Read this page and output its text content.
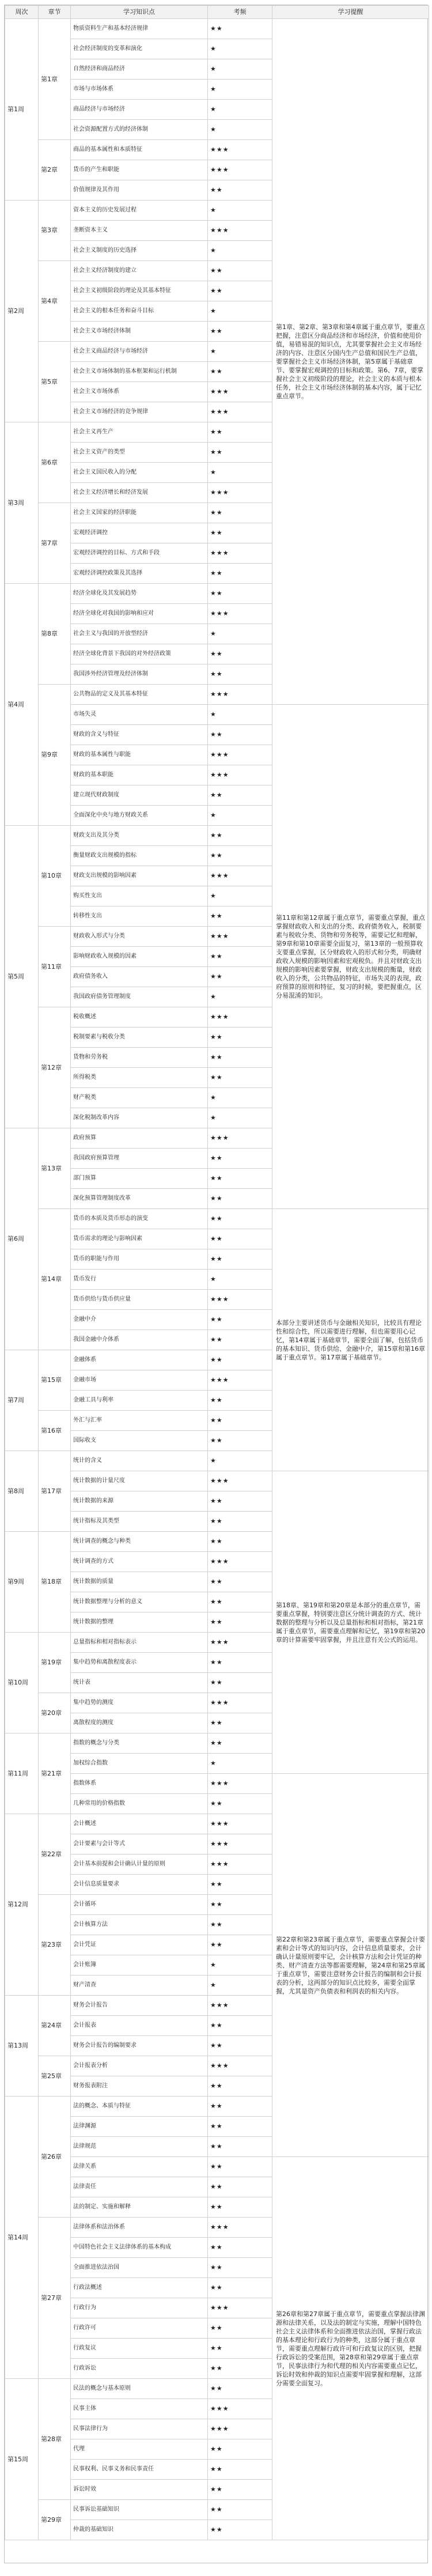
周次	章节	学习知识点	考频	学习提醒
第1周	第1章	物质资料生产和基本经济规律	★★	第1章、第2章、第3章和第4章属于重点章节，要重点把握，注意区分商品经济和市场经济，价值和使用价值，易错易混的知识点，尤其要掌握社会主义市场经济的内容、注意区分国内生产总值和国民生产总值，要掌握社会主义市场经济体制，第5章属于基础章节、要掌握宏观调控的目标和政策。第6、7章，要掌握社会主义初级阶段的理论，社会主义的本质与根本任务，社会主义市场经济体制的基本内容，属于记忆重点章节。
		社会经济制度的变革和演化	★	
		自然经济和商品经济	★	
		市场与市场体系	★	
		商品经济与市场经济	★	
		社会资源配置方式的经济体制	★	
	第2章	商品的基本属性和本质特征	★★★	
		货币的产生和职能	★★★	
		价值规律及其作用	★★	
第2周	第3章	资本主义的历史发展过程	★	
		垄断资本主义	★★★	
		社会主义制度的历史选择	★	
	第4章	社会主义经济制度的建立	★★	
		社会主义初级阶段的理论及其基本特征	★★	
		社会主义的根本任务和奋斗目标	★	
		社会主义市场经济体制	★★	
	第5章	社会主义商品经济与市场经济	★	
		社会主义市场体制的基本框架和运行机制	★★	
		社会主义市场体系	★★★	
		社会主义市场经济的竞争规律	★★★	
第3周	第6章	社会主义再生产	★★	
		社会主义资产的类型	★★	
		社会主义国民收入的分配	★	
		社会主义经济增长和经济发展	★★★	
	第7章	社会主义国家的经济职能	★★	
		宏观经济调控	★★	
		宏观经济调控的目标、方式和手段	★★★	
		宏观经济调控政策及其选择	★★	
第4周	第8章	经济全球化及其发展趋势	★★	
		经济全球化对我国的影响和应对	★★★	
		社会主义与我国的开放型经济	★	
		经济全球化背景下我国的对外经济政策	★★	
		我国涉外经济管理及经济体制	★★	
	第9章	公共物品的定义及其基本特征	★★★	
		市场失灵	★	第11章和第12章属于重点章节，需要重点掌握，重点掌握财政收入和支出的分类、政府债务收入，税制要素与税收分类、货物和劳务税等，需要记忆和理解，第9章和第10章需要全面复习，第13章的一般预算收支要重点掌握，区分财政收入的形式和分类，明确财政收入规模的影响因素和宏观税负。并且对财政支出规模的影响因素要掌握，财政支出规模的衡量，财政收入的分类，公共物品的特征，市场失灵的表现，政府预算的原则和特征，复习的时候，要把握重点，区分易混淆的知识。
		财政的含义与特征	★★	
		财政的基本属性与职能	★★★	
		财政的基本职能	★★★	
		建立现代财政制度	★★	
		全面深化中央与地方财政关系	★	
第5周	第10章	财政支出及其分类	★★	
		衡量财政支出规模的指标	★★	
		财政支出规模的影响因素	★★★	
		购买性支出	★	
		转移性支出	★★	
	第11章	财政收入形式与分类	★★★	
		影响财政收入规模的因素	★★	
		政府债务收入	★★	
		我国政府债务管理制度	★	
	第12章	税收概述	★★★	
		税制要素与税收分类	★★	
		货物和劳务税	★★	
		所得税类	★★	
		财产税类	★	
		深化税制改革内容	★	
第6周	第13章	政府预算	★★★	
		我国政府预算管理	★★	
		部门预算	★★	
		深化预算管理制度改革	★★	
	第14章	货币的本质及货币形态的演变	★★	本部分主要讲述货币与金融相关知识，比较具有理论性和综合性，所以需要进行理解，但也需要用心记忆，第14章属于基础章节，需要全面了解，包括货币的基本知识、货币供给、金融中介，第15章和第16章属于重点章节。第17章属于基础章节。
		货币需求的理论与影响因素	★★	
		货币的职能与作用	★★	
		货币发行	★	
		货币供给与货币供应量	★★★	
		金融中介	★★	
		我国金融中介体系	★★	
第7周	第15章	金融体系	★★	
		金融市场	★★★	
		金融工具与利率	★★	
	第16章	外汇与汇率	★★	
		国际收支	★★	
第8周	第17章	统计的含义	★	
		统计数据的计量尺度	★★★	第18章、第19章和第20章是本部分的重点章节，需要重点掌握，特别要注意区分统计调查的方式、统计数据的整理与分析以及总量指标和相对指标，第21章属于重点章节，需要重点理解和记忆，第19章和第20章的计算需要牢固掌握，并且注意有关公式的运用。
		统计数据的来源	★★	
		统计指标及其类型	★★	
第9周	第18章	统计调查的概念与种类	★★	
		统计调查的方式	★★★	
		统计数据的质量	★★	
		统计数据整理与分析的意义	★★	
		统计数据的整理	★★	
第10周	第19章	总量指标和相对指标表示	★★★	
		集中趋势和离散程度表示	★★	
		统计表	★★	
	第20章	集中趋势的测度	★★★	
		离散程度的测度	★★	
第11周	第21章	指数的概念与分类	★★	
		加权综合指数	★	
		指数体系	★★★	第22章和第23章属于重点章节，需要重点掌握会计要素和会计等式的知识内容，会计信息质量要求，会计确认计量原则要牢记，会计核算方法和会计凭证的种类、财产清查方法等都需要理解，第24章和第25章属于重点章节，需要注意财务会计报告的编制和会计报表的分析，这两部分的知识点比较多，需要全面掌握，尤其是资产负债表和利润表的相关内容。
		几种常用的价格指数	★★	
第12周	第22章	会计概述	★★★	
		会计要素与会计等式	★★★	
		会计基本前提和会计确认计量的原则	★★★	
		会计信息质量要求	★★	
	第23章	会计循环	★★	
		会计核算方法	★★	
		会计凭证	★★	
		会计账簿	★	
		财产清查	★	
第13周	第24章	财务会计报告	★★★	
		会计报表	★★	
		财务会计报告的编制要求	★★	
	第25章	会计报表分析	★★★	
		财务报表附注	★★	
第14周	第26章	法的概念、本质与特征	★★	
		法律渊源	★★	
		法律规范	★★	
		法律关系	★★	第26章和第27章属于重点章节，需要重点掌握法律渊源和法律关系，以及法的制定与实施，理解中国特色社会主义法律体系和全面推进依法治国，掌握行政法的基本理论和行政行为的种类，这部分属于重点章节，需要重点理解行政许可和行政复议的区别，把握行政诉讼的受案范围，第28章和第29章属于重点章节，民事法律行为和代理的相关内容需要重点记忆，诉讼时效和仲裁的知识点需要牢固掌握和理解，这部分需要全面复习。
		法律责任	★★	
		法的制定、实施和解释	★★	
	第27章	法律体系和法治体系	★★★	
		中国特色社会主义法律体系的基本构成	★★	
		全面推进依法治国	★★	
		行政法概述	★★	
		行政行为	★★★	
		行政许可	★★	
		行政复议	★★	
		行政诉讼	★★	
第15周	第28章	民法的概念与基本原则	★★	
		民事主体	★★★	
		民事法律行为	★★★	
		代理	★★	
		民事权利、民事义务和民事责任	★★	
		诉讼时效	★★	
	第29章	民事诉讼基础知识	★★	
		仲裁的基础知识	★★	
